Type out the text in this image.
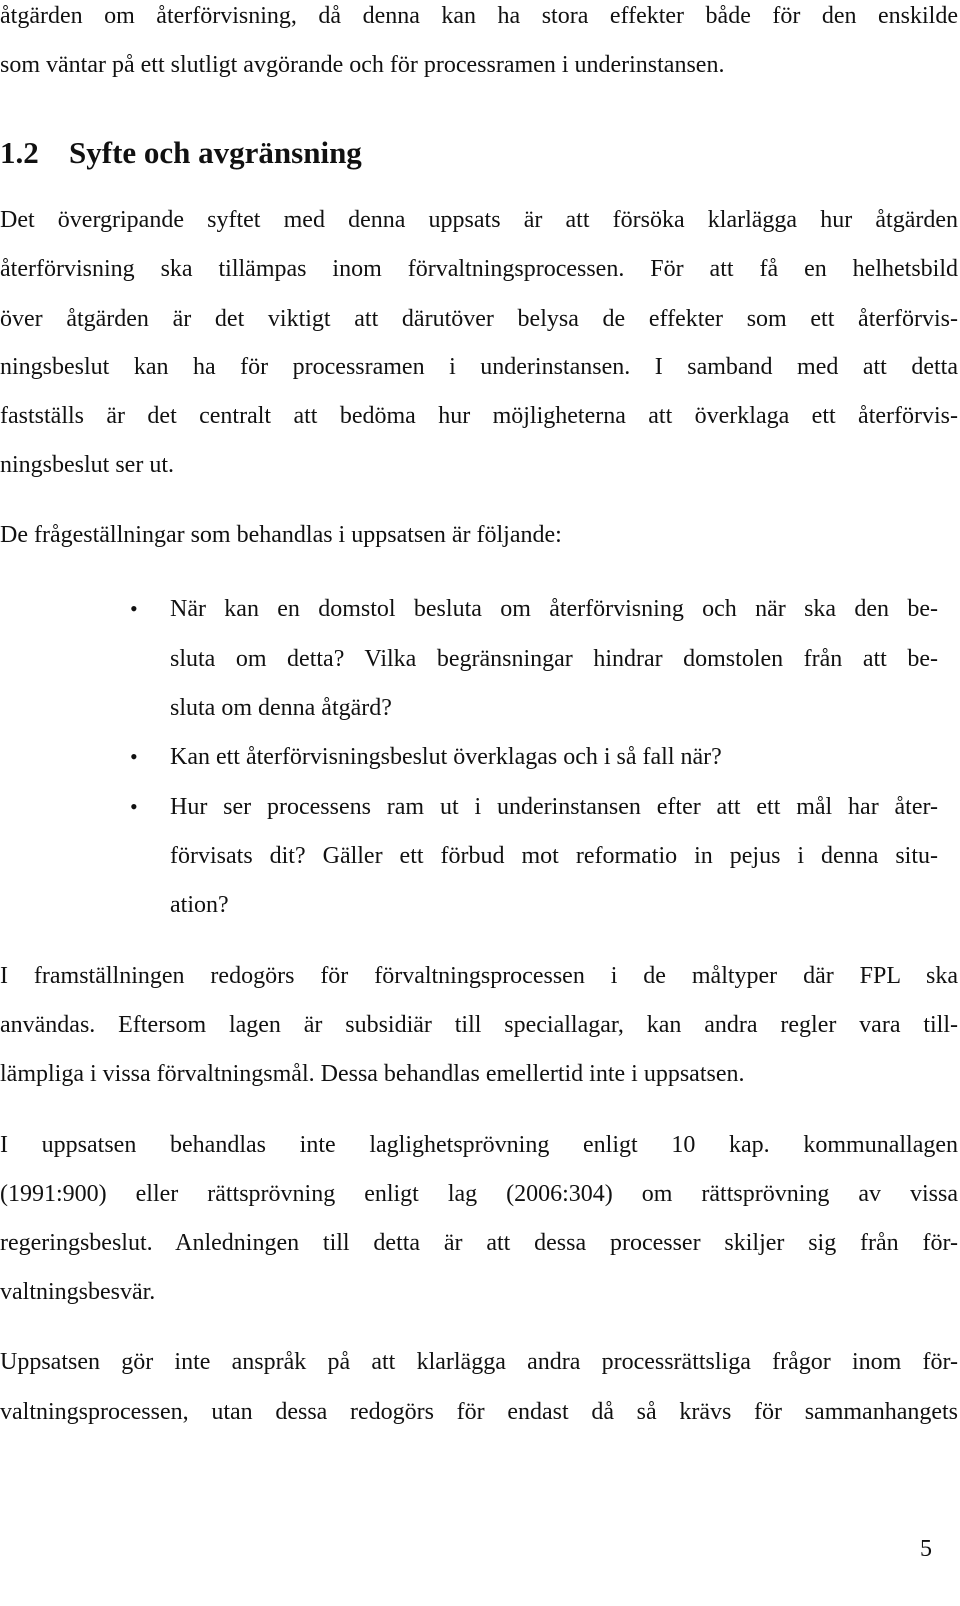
åtgärden om återförvisning, då denna kan ha stora effekter både för den enskilde

som väntar på ett slutligt avgörande och för processramen i underinstansen.

1.2 Syfte och avgränsning

Det övergripande syftet med denna uppsats är att försöka klarlägga hur åtgärden

återförvisning ska tillämpas inom förvaltningsprocessen. För att få en helhetsbild

över åtgärden är det viktigt att därutöver belysa de effekter som ett återförvis-

ningsbeslut kan ha för processramen i underinstansen. I samband med att detta

fastställs är det centralt att bedöma hur möjligheterna att överklaga ett återförvis-

ningsbeslut ser ut.

De frågeställningar som behandlas i uppsatsen är följande:

• När kan en domstol besluta om återförvisning och när ska den be-

sluta om detta? Vilka begränsningar hindrar domstolen från att be-

sluta om denna åtgärd?

• Kan ett återförvisningsbeslut överklagas och i så fall när?

• Hur ser processens ram ut i underinstansen efter att ett mål har åter-

förvisats dit? Gäller ett förbud mot reformatio in pejus i denna situ-

ation?

I framställningen redogörs för förvaltningsprocessen i de måltyper där FPL ska

användas. Eftersom lagen är subsidiär till speciallagar, kan andra regler vara till-

lämpliga i vissa förvaltningsmål. Dessa behandlas emellertid inte i uppsatsen.

I uppsatsen behandlas inte laglighetsprövning enligt 10 kap. kommunallagen

(1991:900) eller rättsprövning enligt lag (2006:304) om rättsprövning av vissa

regeringsbeslut. Anledningen till detta är att dessa processer skiljer sig från för-

valtningsbesvär.

Uppsatsen gör inte anspråk på att klarlägga andra processrättsliga frågor inom för-

valtningsprocessen, utan dessa redogörs för endast då så krävs för sammanhangets

5
